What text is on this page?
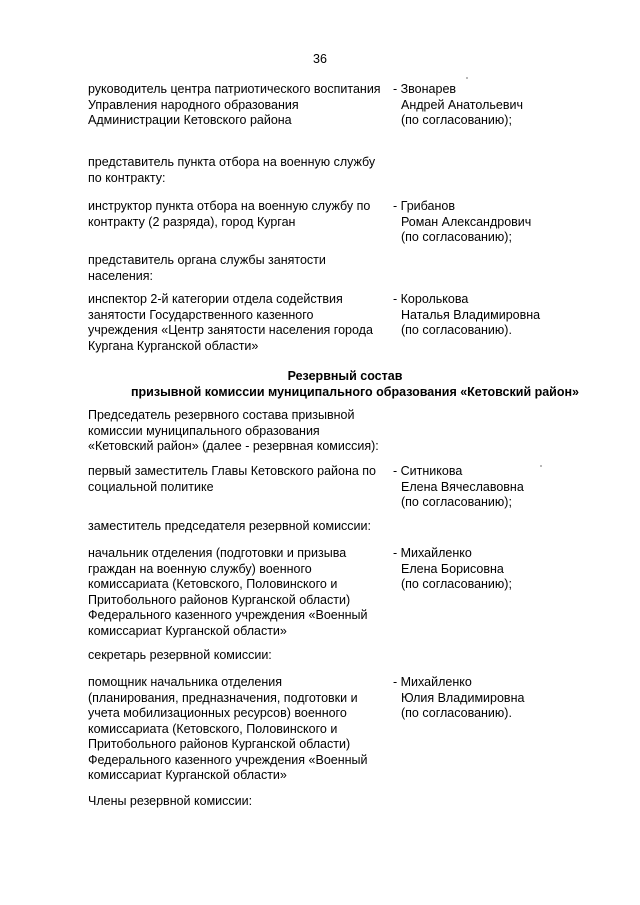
36
руководитель центра патриотического воспитания
Управления народного образования
Администрации Кетовского района
- Звонарев
Андрей Анатольевич
(по согласованию);
представитель пункта отбора на военную службу
по контракту:
инструктор пункта отбора на военную службу по
контракту (2 разряда), город Курган
- Грибанов
Роман Александрович
(по согласованию);
представитель органа службы занятости
населения:
инспектор 2-й категории отдела содействия
занятости Государственного казенного
учреждения «Центр занятости населения города
Кургана Курганской области»
- Королькова
Наталья Владимировна
(по согласованию).
Резервный состав
призывной комиссии муниципального образования «Кетовский район»
Председатель резервного состава призывной
комиссии муниципального образования
«Кетовский район» (далее - резервная комиссия):
первый заместитель Главы Кетовского района по
социальной политике
- Ситникова
Елена Вячеславовна
(по согласованию);
заместитель председателя резервной комиссии:
начальник отделения (подготовки и призыва
граждан на военную службу) военного
комиссариата (Кетовского, Половинского и
Притобольного районов Курганской области)
Федерального казенного учреждения «Военный
комиссариат Курганской области»
- Михайленко
Елена Борисовна
(по согласованию);
секретарь резервной комиссии:
помощник начальника отделения
(планирования, предназначения, подготовки и
учета мобилизационных ресурсов) военного
комиссариата (Кетовского, Половинского и
Притобольного районов Курганской области)
Федерального казенного учреждения «Военный
комиссариат Курганской области»
- Михайленко
Юлия Владимировна
(по согласованию).
Члены резервной комиссии:
